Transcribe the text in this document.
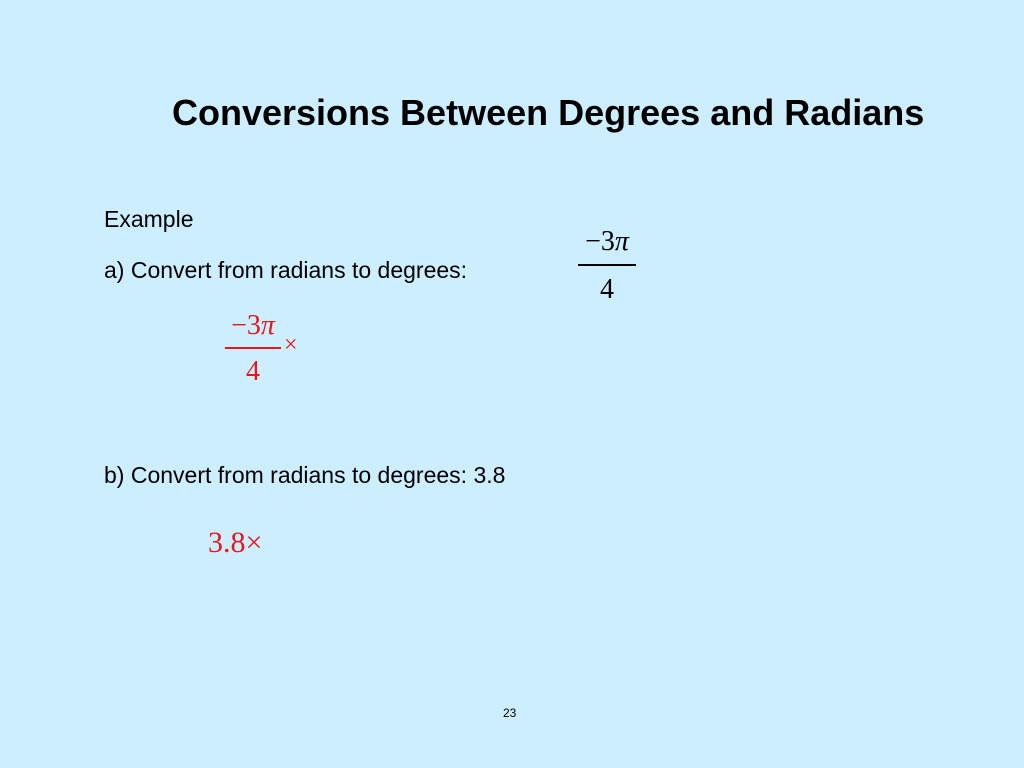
Conversions Between Degrees and Radians
Example
a) Convert from radians to degrees:
−3π
4
−3π
4
×
b) Convert from radians to degrees: 3.8
3.8×
23
